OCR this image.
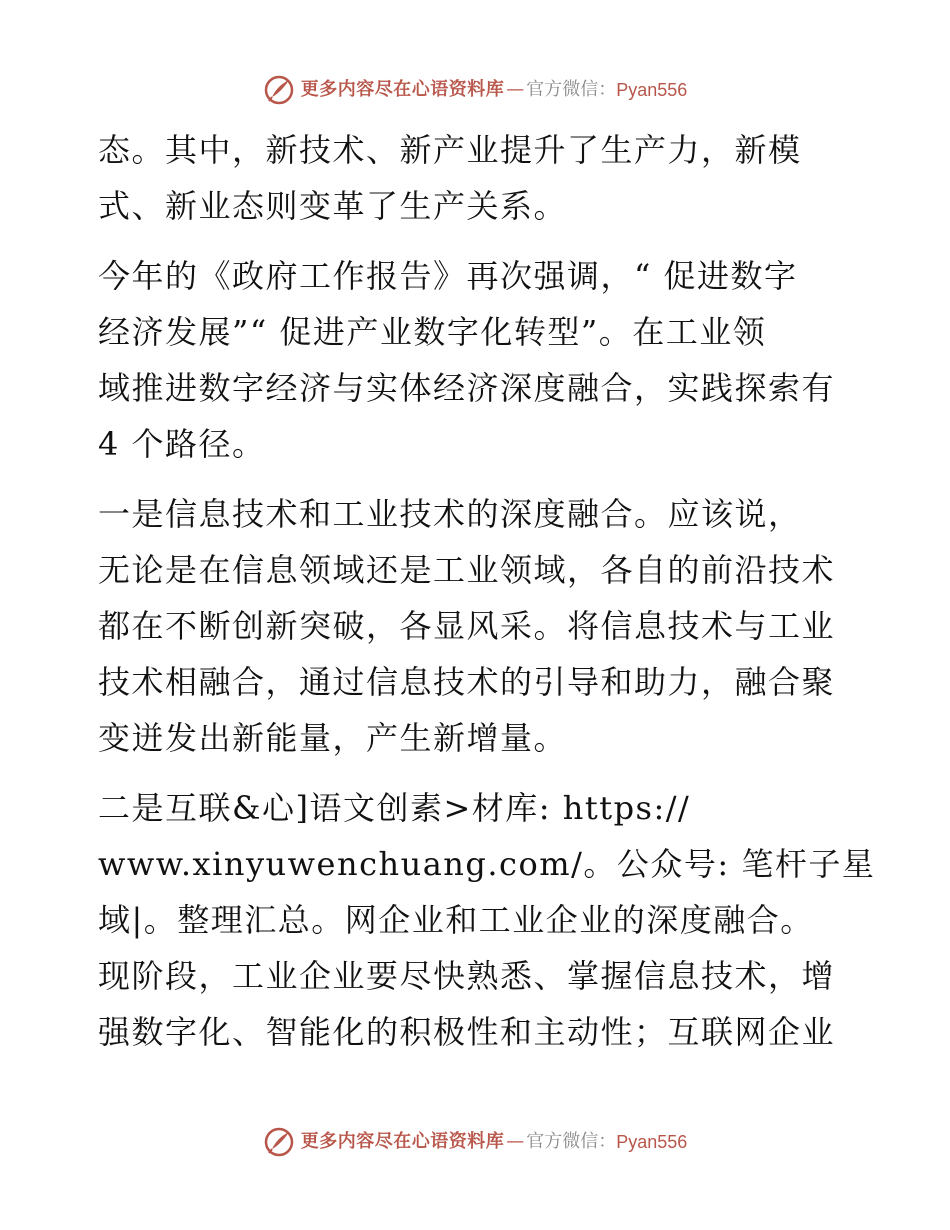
更多内容尽在心语资料库 — 官方微信： Pyan556
态。其中，新技术、新产业提升了生产力，新模
式、新业态则变革了生产关系。
今年的《政府工作报告》再次强调，“ 促进数字
经济发展”“ 促进产业数字化转型”。在工业领
域推进数字经济与实体经济深度融合，实践探索有
4 个路径。
一是信息技术和工业技术的深度融合。应该说，
无论是在信息领域还是工业领域，各自的前沿技术
都在不断创新突破，各显风采。将信息技术与工业
技术相融合，通过信息技术的引导和助力，融合聚
变迸发出新能量，产生新增量。
二是互联&心]语文创素>材库: https://
www.xinyuwenchuang.com/。公众号: 笔杆子星
域|。整理汇总。网企业和工业企业的深度融合。
现阶段，工业企业要尽快熟悉、掌握信息技术，增
强数字化、智能化的积极性和主动性；互联网企业
更多内容尽在心语资料库 — 官方微信： Pyan556
